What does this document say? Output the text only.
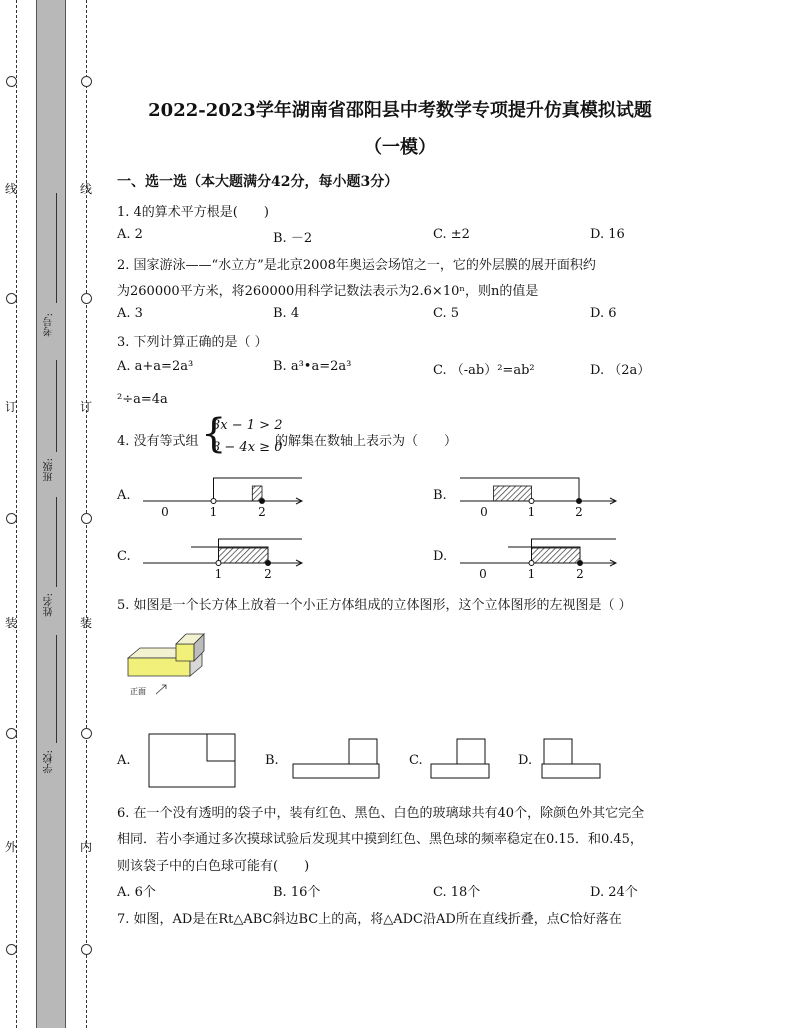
线
订
装
外
线
订
装
内
考号:
班级:
姓名:
学校:
2022-2023学年湖南省邵阳县中考数学专项提升仿真模拟试题
（一模）
一、选一选（本大题满分42分，每小题3分）
1. 4的算术平方根是(　　)
A. 2	B. －2	C. ±2	D. 16
2. 国家游泳——“水立方”是北京2008年奥运会场馆之一，它的外层膜的展开面积约
为260000平方米，将260000用科学记数法表示为2.6×10ⁿ，则n的值是
A. 3	B. 4	C. 5	D. 6
3. 下列计算正确的是（ ）
A. a+a=2a³	B. a³•a=2a³	C. （-ab）²=ab²	D. （2a）
²÷a=4a
4. 没有等式组 {
3x − 1 > 2
8 − 4x ≥ 0
的解集在数轴上表示为（　　）
A.	B.
C.	D.
0	1	2	0	1	2
1	2	0	1	2
5. 如图是一个长方体上放着一个小正方体组成的立体图形，这个立体图形的左视图是（ ）
正面
A.	B.	C.	D.
6. 在一个没有透明的袋子中，装有红色、黑色、白色的玻璃球共有40个，除颜色外其它完全
相同．若小李通过多次摸球试验后发现其中摸到红色、黑色球的频率稳定在0.15．和0.45，
则该袋子中的白色球可能有(　　)
A. 6个	B. 16个	C. 18个	D. 24个
7. 如图，AD是在Rt△ABC斜边BC上的高，将△ADC沿AD所在直线折叠，点C恰好落在
